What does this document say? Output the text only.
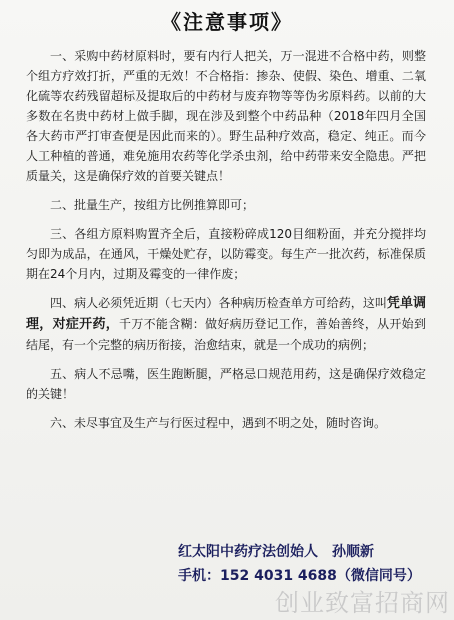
《注意事项》

一、采购中药材原料时，要有内行人把关，万一混进不合格中药，则整个组方疗效打折，严重的无效！不合格指：掺杂、使假、染色、增重、二氧化硫等农药残留超标及提取后的中药材与废弃物等等伪劣原料药。以前的大多数在名贵中药材上做手脚，现在涉及到整个中药品种（2018年四月全国各大药市严打审查便是因此而来的）。野生品种疗效高，稳定、纯正。而今人工种植的普通，难免施用农药等化学杀虫剂，给中药带来安全隐患。严把质量关，这是确保疗效的首要关键点！

二、批量生产，按组方比例推算即可；

三、各组方原料购置齐全后，直接粉碎成120目细粉面，并充分搅拌均匀即为成品，在通风，干燥处贮存，以防霉变。每生产一批次药，标准保质期在24个月内，过期及霉变的一律作废；

四、病人必须凭近期（七天内）各种病历检查单方可给药，这叫凭单调理，对症开药，千万不能含糊：做好病历登记工作，善始善终，从开始到结尾，有一个完整的病历衔接，治愈结束，就是一个成功的病例；

五、病人不忌嘴，医生跑断腿，严格忌口规范用药，这是确保疗效稳定的关键！

六、未尽事宜及生产与行医过程中，遇到不明之处，随时咨询。

红太阳中药疗法创始人　孙顺新
手机：152 4031 4688（微信同号）
创业致富招商网
